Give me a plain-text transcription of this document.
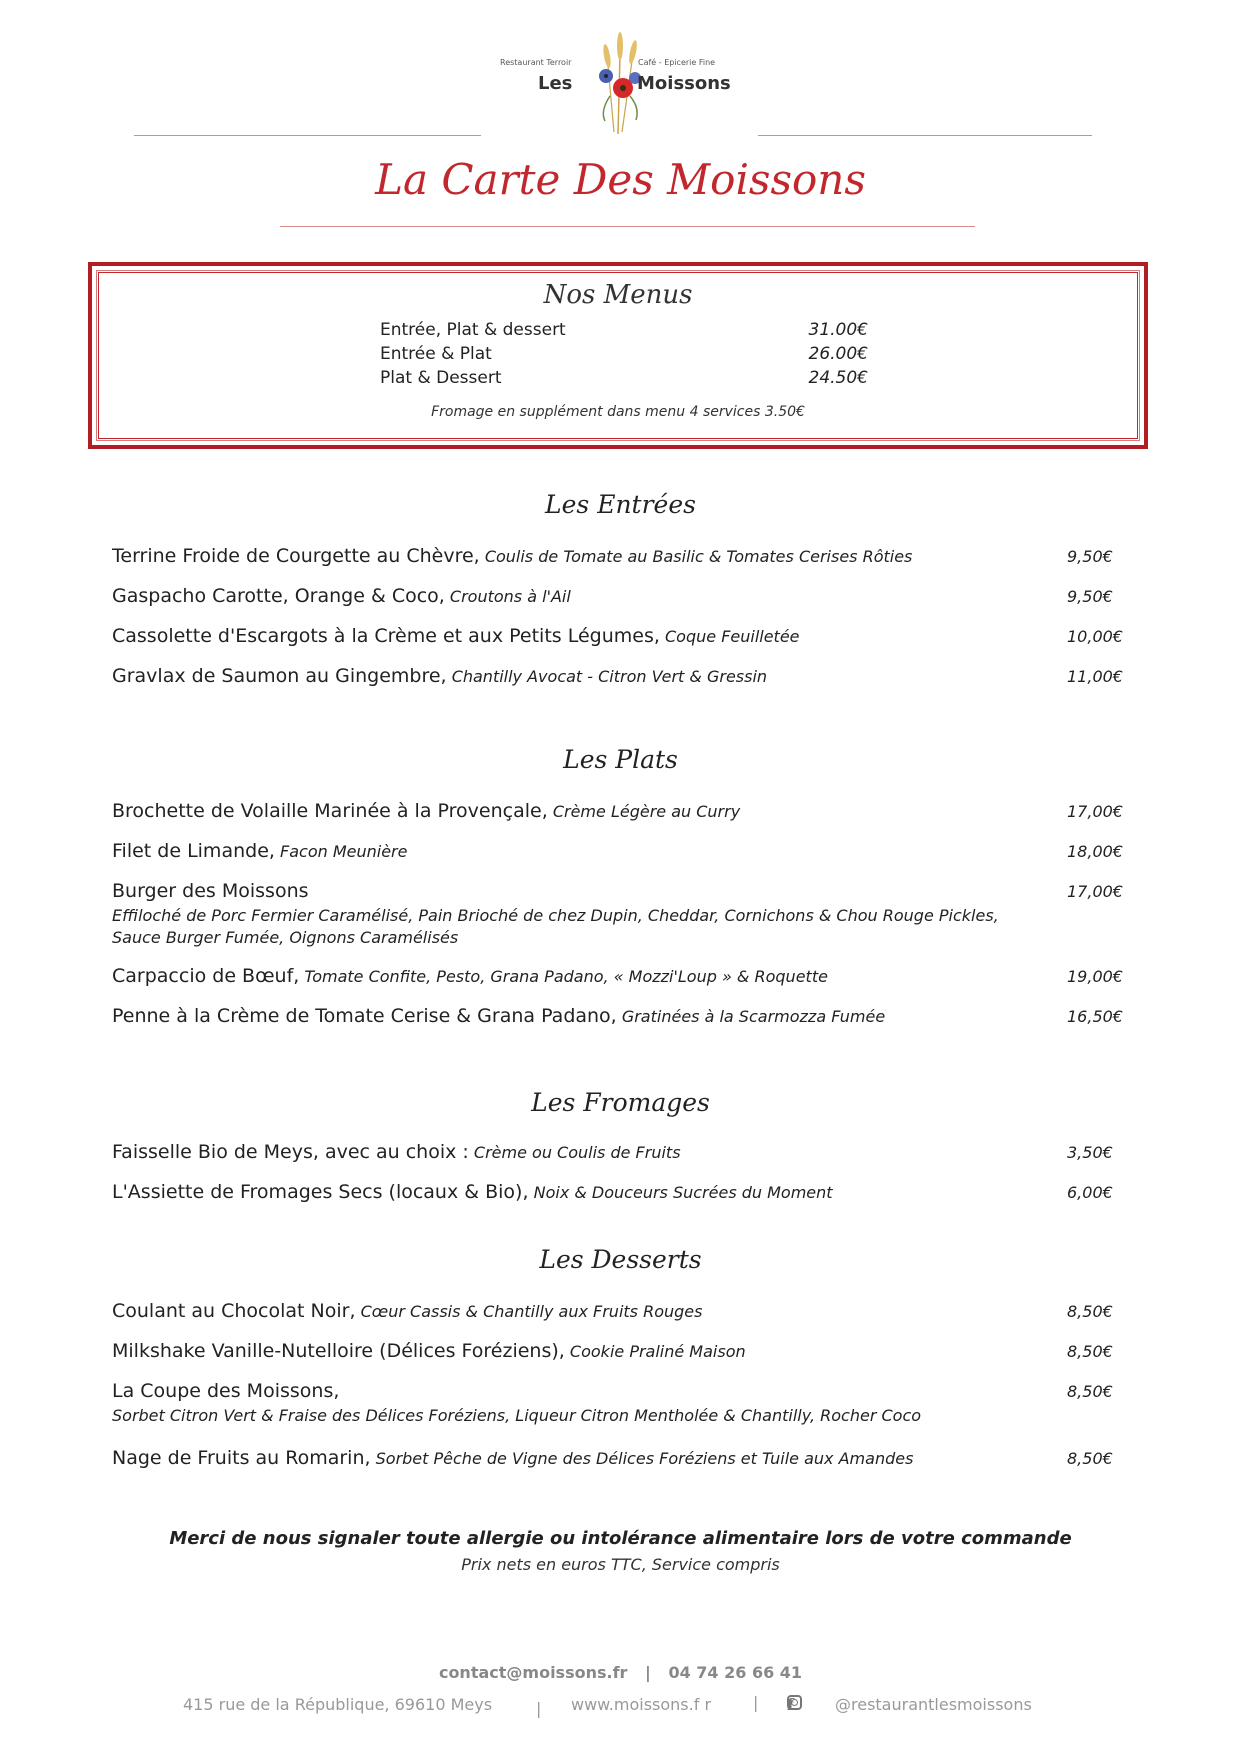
Restaurant Terroir	Café - Epicerie Fine
Les	Moissons
La Carte Des Moissons
Nos Menus
Entrée, Plat & dessert	31.00€
Entrée & Plat	26.00€
Plat & Dessert	24.50€
Fromage en supplément dans menu 4 services 3.50€
Les Entrées
Terrine Froide de Courgette au Chèvre, Coulis de Tomate au Basilic & Tomates Cerises Rôties	9,50€
Gaspacho Carotte, Orange & Coco, Croutons à l'Ail	9,50€
Cassolette d'Escargots à la Crème et aux Petits Légumes, Coque Feuilletée	10,00€
Gravlax de Saumon au Gingembre, Chantilly Avocat - Citron Vert & Gressin	11,00€
Les Plats
Brochette de Volaille Marinée à la Provençale, Crème Légère au Curry	17,00€
Filet de Limande, Facon Meunière	18,00€
Burger des Moissons	17,00€
Effiloché de Porc Fermier Caramélisé, Pain Brioché de chez Dupin, Cheddar, Cornichons & Chou Rouge Pickles,
Sauce Burger Fumée, Oignons Caramélisés
Carpaccio de Bœuf, Tomate Confite, Pesto, Grana Padano, « Mozzi'Loup » & Roquette	19,00€
Penne à la Crème de Tomate Cerise & Grana Padano, Gratinées à la Scarmozza Fumée	16,50€
Les Fromages
Faisselle Bio de Meys, avec au choix : Crème ou Coulis de Fruits	3,50€
L'Assiette de Fromages Secs (locaux & Bio), Noix & Douceurs Sucrées du Moment	6,00€
Les Desserts
Coulant au Chocolat Noir, Cœur Cassis & Chantilly aux Fruits Rouges	8,50€
Milkshake Vanille-Nutelloire (Délices Foréziens), Cookie Praliné Maison	8,50€
La Coupe des Moissons,	8,50€
Sorbet Citron Vert & Fraise des Délices Foréziens, Liqueur Citron Mentholée & Chantilly, Rocher Coco
Nage de Fruits au Romarin, Sorbet Pêche de Vigne des Délices Foréziens et Tuile aux Amandes	8,50€
Merci de nous signaler toute allergie ou intolérance alimentaire lors de votre commande
Prix nets en euros TTC, Service compris
contact@moissons.fr | 04 74 26 66 41
415 rue de la République, 69610 Meys	| www.moissons.f r	| f	@restaurantlesmoissons
